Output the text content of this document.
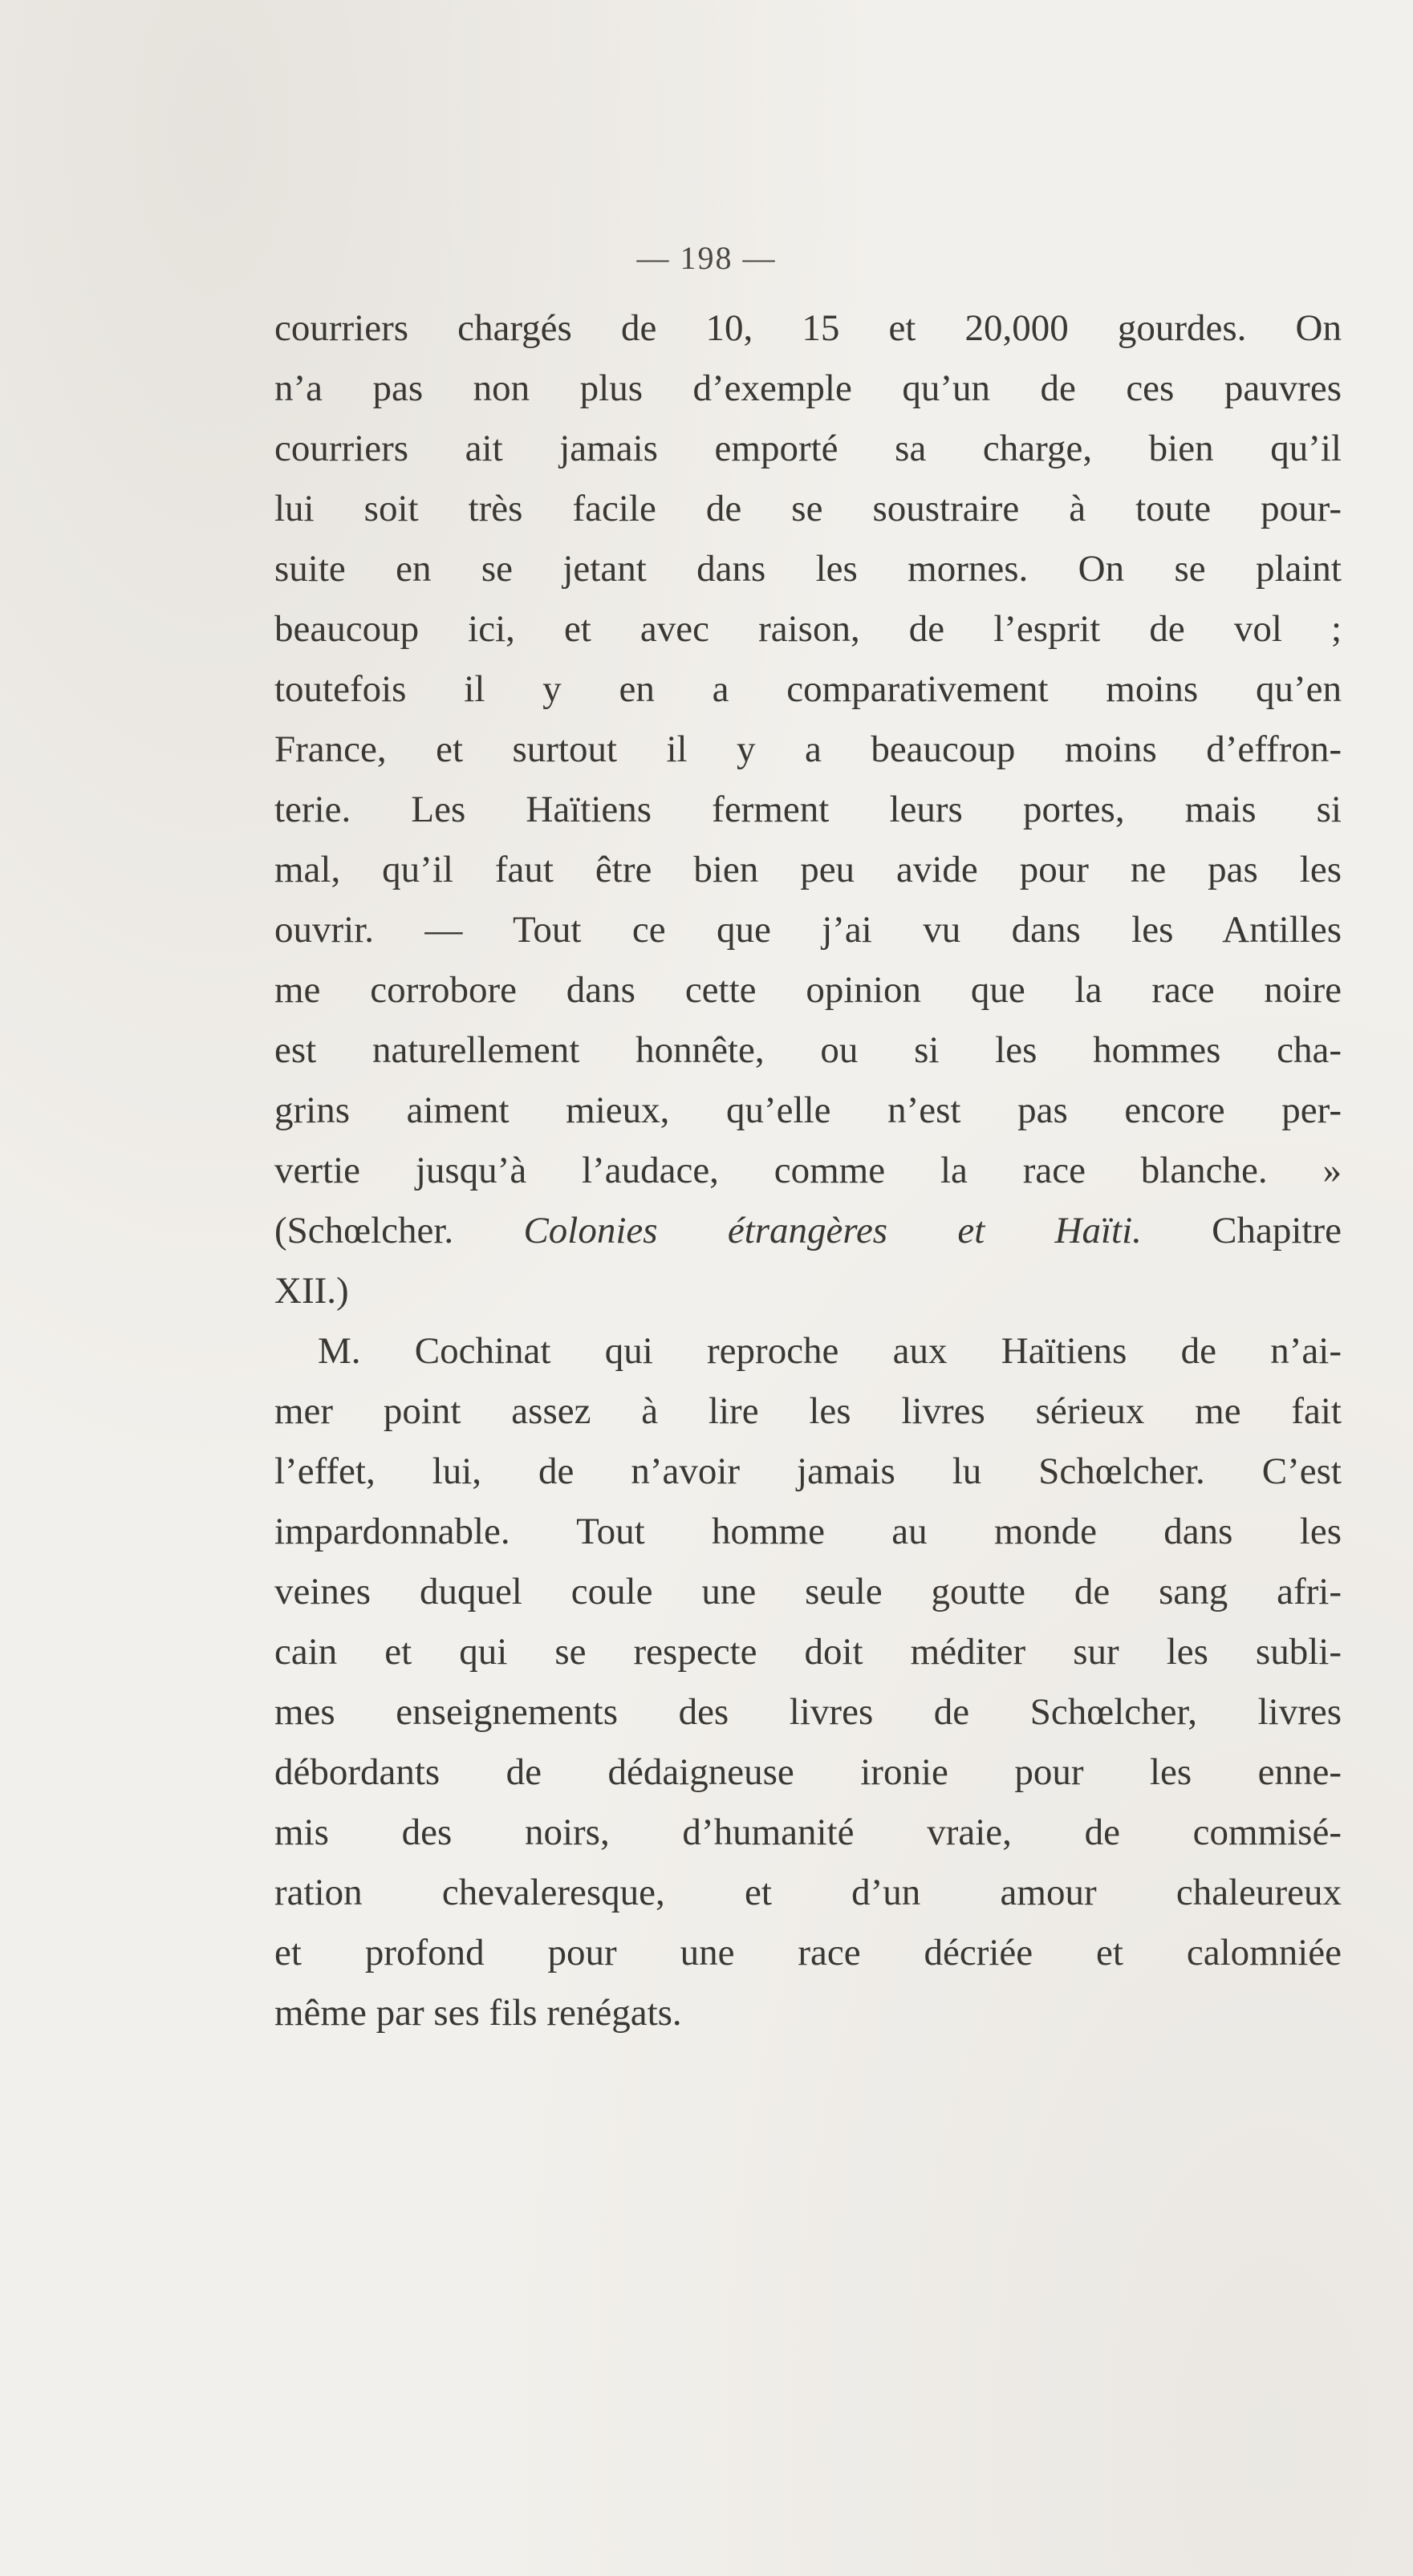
— 198 —
courriers chargés de 10, 15 et 20,000 gourdes. On
n’a pas non plus d’exemple qu’un de ces pauvres
courriers ait jamais emporté sa charge, bien qu’il
lui soit très facile de se soustraire à toute pour-
suite en se jetant dans les mornes. On se plaint
beaucoup ici, et avec raison, de l’esprit de vol ;
toutefois il y en a comparativement moins qu’en
France, et surtout il y a beaucoup moins d’effron-
terie. Les Haïtiens ferment leurs portes, mais si
mal, qu’il faut être bien peu avide pour ne pas les
ouvrir. — Tout ce que j’ai vu dans les Antilles
me corrobore dans cette opinion que la race noire
est naturellement honnête, ou si les hommes cha-
grins aiment mieux, qu’elle n’est pas encore per-
vertie jusqu’à l’audace, comme la race blanche. »
(Schœlcher. Colonies étrangères et Haïti. Chapitre
XII.)
M. Cochinat qui reproche aux Haïtiens de n’ai-
mer point assez à lire les livres sérieux me fait
l’effet, lui, de n’avoir jamais lu Schœlcher. C’est
impardonnable. Tout homme au monde dans les
veines duquel coule une seule goutte de sang afri-
cain et qui se respecte doit méditer sur les subli-
mes enseignements des livres de Schœlcher, livres
débordants de dédaigneuse ironie pour les enne-
mis des noirs, d’humanité vraie, de commisé-
ration chevaleresque, et d’un amour chaleureux
et profond pour une race décriée et calomniée
même par ses fils renégats.
